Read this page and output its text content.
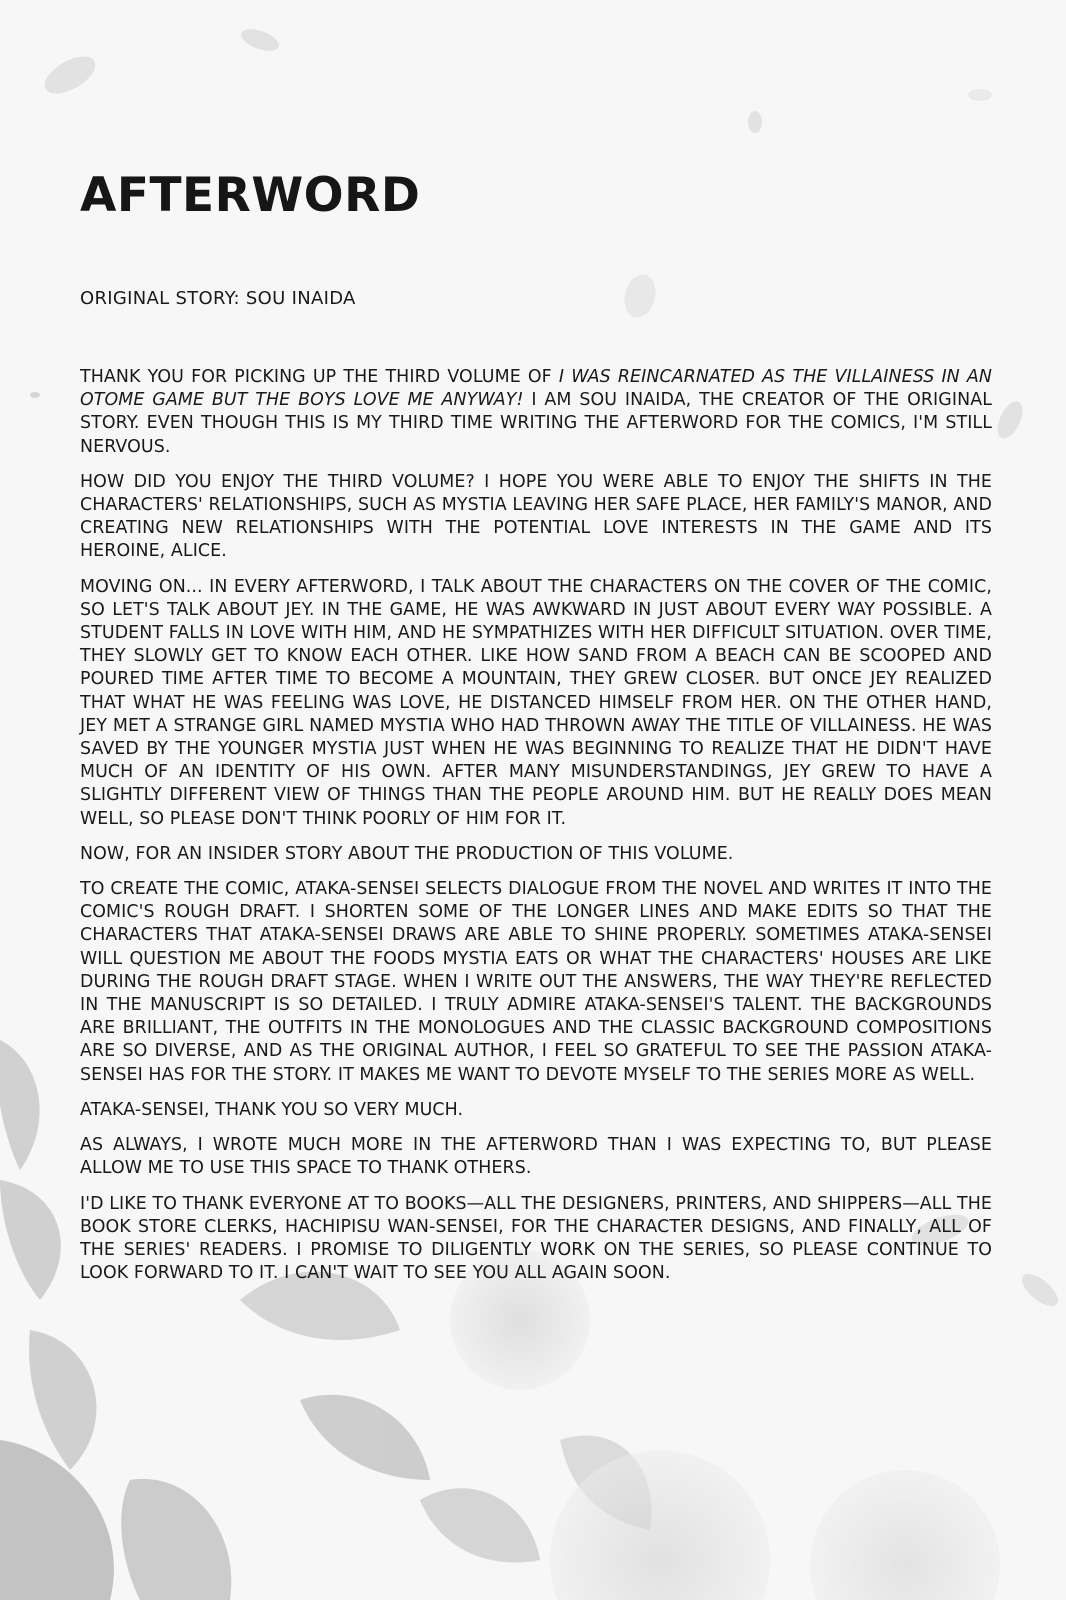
AFTERWORD

ORIGINAL STORY: SOU INAIDA

THANK YOU FOR PICKING UP THE THIRD VOLUME OF I WAS REINCARNATED AS THE VILLAINESS IN AN OTOME GAME BUT THE BOYS LOVE ME ANYWAY! I AM SOU INAIDA, THE CREATOR OF THE ORIGINAL STORY. EVEN THOUGH THIS IS MY THIRD TIME WRITING THE AFTERWORD FOR THE COMICS, I'M STILL NERVOUS.

HOW DID YOU ENJOY THE THIRD VOLUME? I HOPE YOU WERE ABLE TO ENJOY THE SHIFTS IN THE CHARACTERS' RELATIONSHIPS, SUCH AS MYSTIA LEAVING HER SAFE PLACE, HER FAMILY'S MANOR, AND CREATING NEW RELATIONSHIPS WITH THE POTENTIAL LOVE INTERESTS IN THE GAME AND ITS HEROINE, ALICE.

MOVING ON... IN EVERY AFTERWORD, I TALK ABOUT THE CHARACTERS ON THE COVER OF THE COMIC, SO LET'S TALK ABOUT JEY. IN THE GAME, HE WAS AWKWARD IN JUST ABOUT EVERY WAY POSSIBLE. A STUDENT FALLS IN LOVE WITH HIM, AND HE SYMPATHIZES WITH HER DIFFICULT SITUATION. OVER TIME, THEY SLOWLY GET TO KNOW EACH OTHER. LIKE HOW SAND FROM A BEACH CAN BE SCOOPED AND POURED TIME AFTER TIME TO BECOME A MOUNTAIN, THEY GREW CLOSER. BUT ONCE JEY REALIZED THAT WHAT HE WAS FEELING WAS LOVE, HE DISTANCED HIMSELF FROM HER. ON THE OTHER HAND, JEY MET A STRANGE GIRL NAMED MYSTIA WHO HAD THROWN AWAY THE TITLE OF VILLAINESS. HE WAS SAVED BY THE YOUNGER MYSTIA JUST WHEN HE WAS BEGINNING TO REALIZE THAT HE DIDN'T HAVE MUCH OF AN IDENTITY OF HIS OWN. AFTER MANY MISUNDERSTANDINGS, JEY GREW TO HAVE A SLIGHTLY DIFFERENT VIEW OF THINGS THAN THE PEOPLE AROUND HIM. BUT HE REALLY DOES MEAN WELL, SO PLEASE DON'T THINK POORLY OF HIM FOR IT.

NOW, FOR AN INSIDER STORY ABOUT THE PRODUCTION OF THIS VOLUME.

TO CREATE THE COMIC, ATAKA-SENSEI SELECTS DIALOGUE FROM THE NOVEL AND WRITES IT INTO THE COMIC'S ROUGH DRAFT. I SHORTEN SOME OF THE LONGER LINES AND MAKE EDITS SO THAT THE CHARACTERS THAT ATAKA-SENSEI DRAWS ARE ABLE TO SHINE PROPERLY. SOMETIMES ATAKA-SENSEI WILL QUESTION ME ABOUT THE FOODS MYSTIA EATS OR WHAT THE CHARACTERS' HOUSES ARE LIKE DURING THE ROUGH DRAFT STAGE. WHEN I WRITE OUT THE ANSWERS, THE WAY THEY'RE REFLECTED IN THE MANUSCRIPT IS SO DETAILED. I TRULY ADMIRE ATAKA-SENSEI'S TALENT. THE BACKGROUNDS ARE BRILLIANT, THE OUTFITS IN THE MONOLOGUES AND THE CLASSIC BACKGROUND COMPOSITIONS ARE SO DIVERSE, AND AS THE ORIGINAL AUTHOR, I FEEL SO GRATEFUL TO SEE THE PASSION ATAKA-SENSEI HAS FOR THE STORY. IT MAKES ME WANT TO DEVOTE MYSELF TO THE SERIES MORE AS WELL.

ATAKA-SENSEI, THANK YOU SO VERY MUCH.

AS ALWAYS, I WROTE MUCH MORE IN THE AFTERWORD THAN I WAS EXPECTING TO, BUT PLEASE ALLOW ME TO USE THIS SPACE TO THANK OTHERS.

I'D LIKE TO THANK EVERYONE AT TO BOOKS—ALL THE DESIGNERS, PRINTERS, AND SHIPPERS—ALL THE BOOK STORE CLERKS, HACHIPISU WAN-SENSEI, FOR THE CHARACTER DESIGNS, AND FINALLY, ALL OF THE SERIES' READERS. I PROMISE TO DILIGENTLY WORK ON THE SERIES, SO PLEASE CONTINUE TO LOOK FORWARD TO IT. I CAN'T WAIT TO SEE YOU ALL AGAIN SOON.
